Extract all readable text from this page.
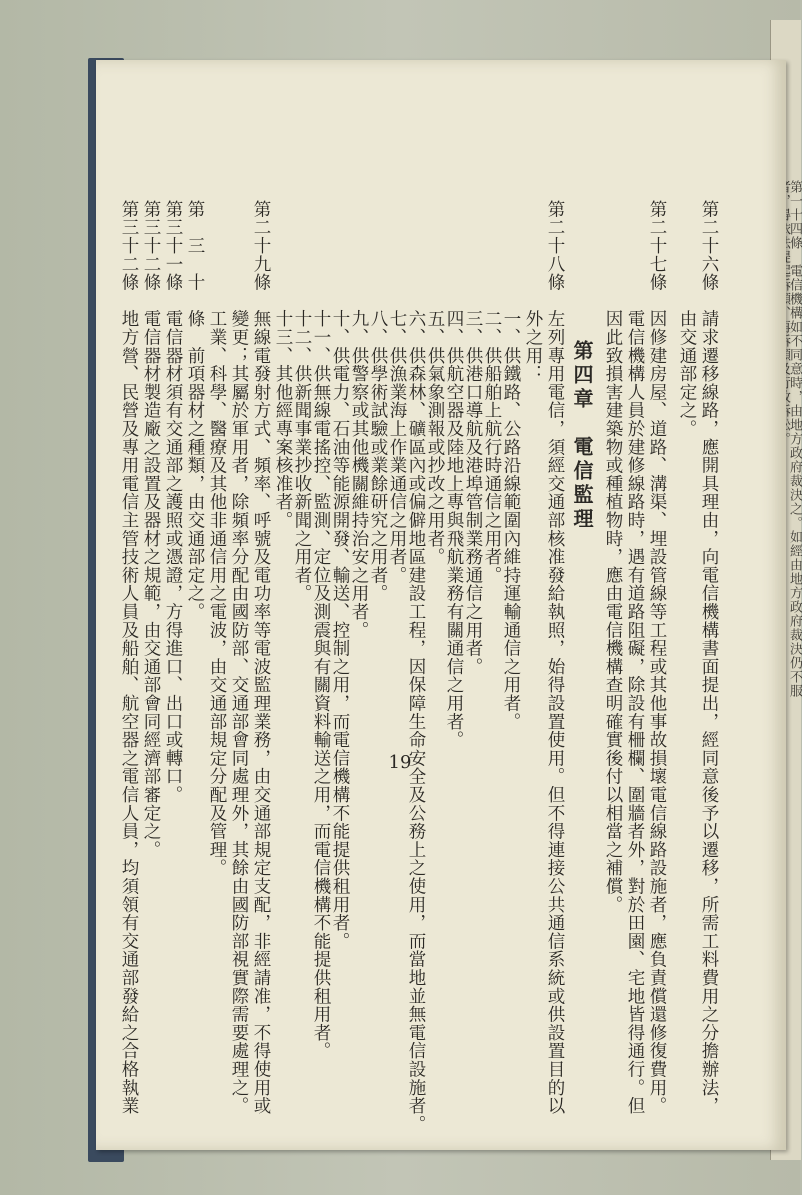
第一十四條　電信機構如不同意時，由地方政府裁決之。如經由地方政府裁決仍不服
第二十六條　請求遷移線路，應開具理由，向電信機構書面提出，經同意後予以遷移，所需工料費用之分擔辦法，
　　　　　　由交通部定之。
第二十七條　因修建房屋、道路、溝渠、埋設管線等工程或其他事故損壞電信線路設施者，應負責償還修復費用。
　　　　　　電信機構人員於建修線路時，遇有道路阻礙，除設有柵欄、圍牆者外，對於田園、宅地皆得通行。但
　　　　　　因此致損害建築物或種植物時，應由電信機構查明確實後付以相當之補償。
第四章　電信監理
第二十八條　左列專用電信，須經交通部核准發給執照，始得設置使用。但不得連接公共通信系統或供設置目的以
　　　　　　外之用：
　　　　　　一、供鐵路、公路沿線範圍內維持運輸通信之用者。
　　　　　　二、供船舶上航行時通信之用者。
　　　　　　三、供港口導航及港埠管制業務通信之用者。
　　　　　　四、供航空器及陸地上專與飛航業務有關通信之用者。
　　　　　　五、供氣象測報或抄改之用者。
　　　　　　六、供森林、礦區內或偏僻地區建設工程，因保障生命安全及公務上之使用，而當地並無電信設施者。
　　　　　　七、供漁業海上作業通信之用者。
　　　　　　八、供學術試驗或業餘研究之用者。
　　　　　　九、供警察或其他機關維持治安之用者。
　　　　　　十、供電力、石油等能源開發、輸送、控制之用，而電信機構不能提供租用者。
　　　　　　十一、供無線電搖控、監測、定位及測震與有關資料輸送之用，而電信機構不能提供租用者。
　　　　　　十二、供新聞事業抄收新聞之用者。
　　　　　　十三、其他經專案核准者。
第二十九條　無線電發射方式、頻率、呼號及電功率等電波監理業務，由交通部規定支配，非經請准，不得使用或
　　　　　　變更；其屬於軍用者，除頻率分配由國防部、交通部會同處理外，其餘由國防部視實際需要處理之。
　　　　　　工業、科學、醫療及其他非通信用之電波，由交通部規定分配及管理。
第　三　十　條　前項器材之種類，由交通部定之。
第三十一條　電信器材須有交通部之護照或憑證，方得進口、出口或轉口。
第三十二條　電信器材製造廠之設置及器材之規範，由交通部會同經濟部審定之。
第三十二條　地方營、民營及專用電信主管技術人員及船舶、航空器之電信人員，均須領有交通部發給之合格執業	19
